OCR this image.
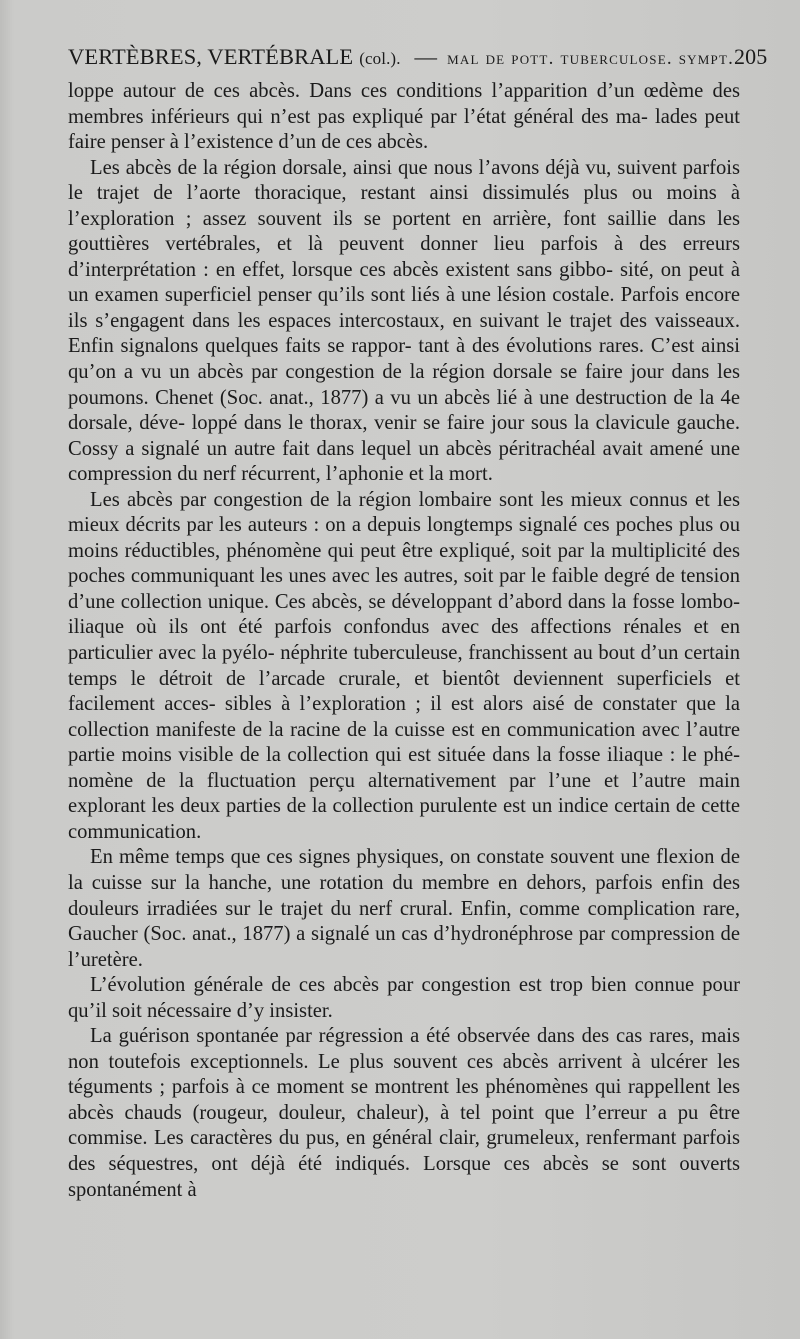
VERTÈBRES, VERTÉBRALE (col.). — mal de pott. tuberculose. sympt. 205

loppe autour de ces abcès. Dans ces conditions l’apparition d’un œdème des membres inférieurs qui n’est pas expliqué par l’état général des ma- lades peut faire penser à l’existence d’un de ces abcès.

Les abcès de la région dorsale, ainsi que nous l’avons déjà vu, suivent parfois le trajet de l’aorte thoracique, restant ainsi dissimulés plus ou moins à l’exploration ; assez souvent ils se portent en arrière, font saillie dans les gouttières vertébrales, et là peuvent donner lieu parfois à des erreurs d’interprétation : en effet, lorsque ces abcès existent sans gibbo- sité, on peut à un examen superficiel penser qu’ils sont liés à une lésion costale. Parfois encore ils s’engagent dans les espaces intercostaux, en suivant le trajet des vaisseaux. Enfin signalons quelques faits se rappor- tant à des évolutions rares. C’est ainsi qu’on a vu un abcès par congestion de la région dorsale se faire jour dans les poumons. Chenet (Soc. anat., 1877) a vu un abcès lié à une destruction de la 4e dorsale, déve- loppé dans le thorax, venir se faire jour sous la clavicule gauche. Cossy a signalé un autre fait dans lequel un abcès péritrachéal avait amené une compression du nerf récurrent, l’aphonie et la mort.

Les abcès par congestion de la région lombaire sont les mieux connus et les mieux décrits par les auteurs : on a depuis longtemps signalé ces poches plus ou moins réductibles, phénomène qui peut être expliqué, soit par la multiplicité des poches communiquant les unes avec les autres, soit par le faible degré de tension d’une collection unique. Ces abcès, se développant d’abord dans la fosse lombo-iliaque où ils ont été parfois confondus avec des affections rénales et en particulier avec la pyélo- néphrite tuberculeuse, franchissent au bout d’un certain temps le détroit de l’arcade crurale, et bientôt deviennent superficiels et facilement acces- sibles à l’exploration ; il est alors aisé de constater que la collection manifeste de la racine de la cuisse est en communication avec l’autre partie moins visible de la collection qui est située dans la fosse iliaque : le phé- nomène de la fluctuation perçu alternativement par l’une et l’autre main explorant les deux parties de la collection purulente est un indice certain de cette communication.

En même temps que ces signes physiques, on constate souvent une flexion de la cuisse sur la hanche, une rotation du membre en dehors, parfois enfin des douleurs irradiées sur le trajet du nerf crural. Enfin, comme complication rare, Gaucher (Soc. anat., 1877) a signalé un cas d’hydronéphrose par compression de l’uretère.

L’évolution générale de ces abcès par congestion est trop bien connue pour qu’il soit nécessaire d’y insister.

La guérison spontanée par régression a été observée dans des cas rares, mais non toutefois exceptionnels. Le plus souvent ces abcès arrivent à ulcérer les téguments ; parfois à ce moment se montrent les phénomènes qui rappellent les abcès chauds (rougeur, douleur, chaleur), à tel point que l’erreur a pu être commise. Les caractères du pus, en général clair, grumeleux, renfermant parfois des séquestres, ont déjà été indiqués. Lorsque ces abcès se sont ouverts spontanément à
